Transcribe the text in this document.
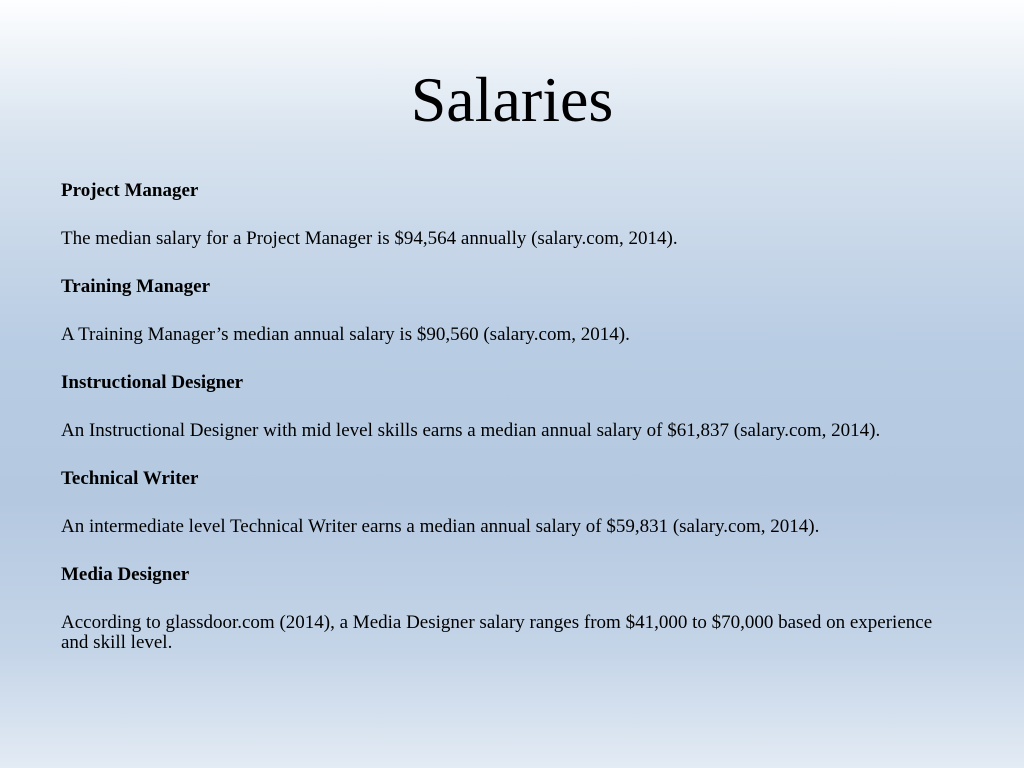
Salaries
Project Manager
The median salary for a Project Manager is $94,564 annually (salary.com, 2014).
Training Manager
A Training Manager’s median annual salary is $90,560 (salary.com, 2014).
Instructional Designer
An Instructional Designer with mid level skills earns a median annual salary of $61,837 (salary.com, 2014).
Technical Writer
An intermediate level Technical Writer earns a median annual salary of $59,831 (salary.com, 2014).
Media Designer
According to glassdoor.com (2014), a Media Designer salary ranges from $41,000 to $70,000 based on experience and skill level.
